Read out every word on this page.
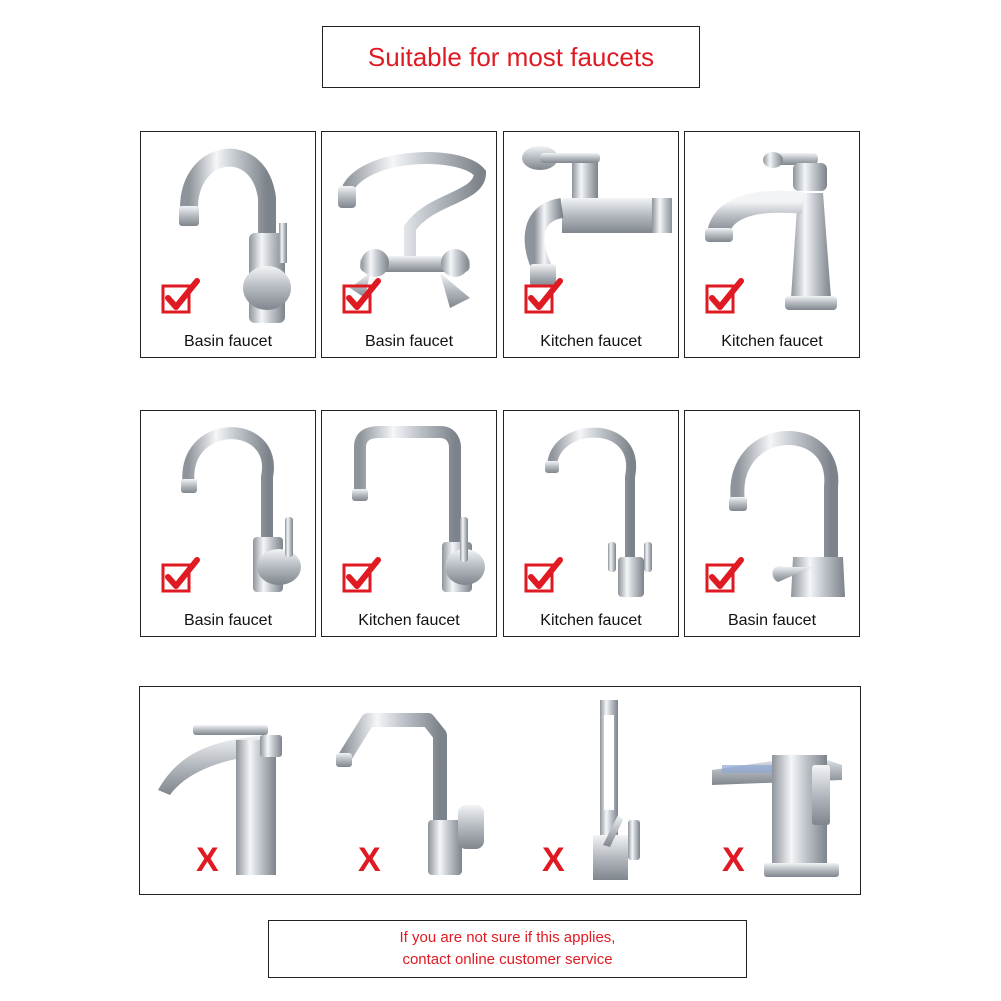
Suitable for most faucets
Basin faucet	Basin faucet	Kitchen faucet	Kitchen faucet
Basin faucet	Kitchen faucet	Kitchen faucet	Basin faucet
X	X	X	X
If you are not sure if this applies,
contact online customer service
